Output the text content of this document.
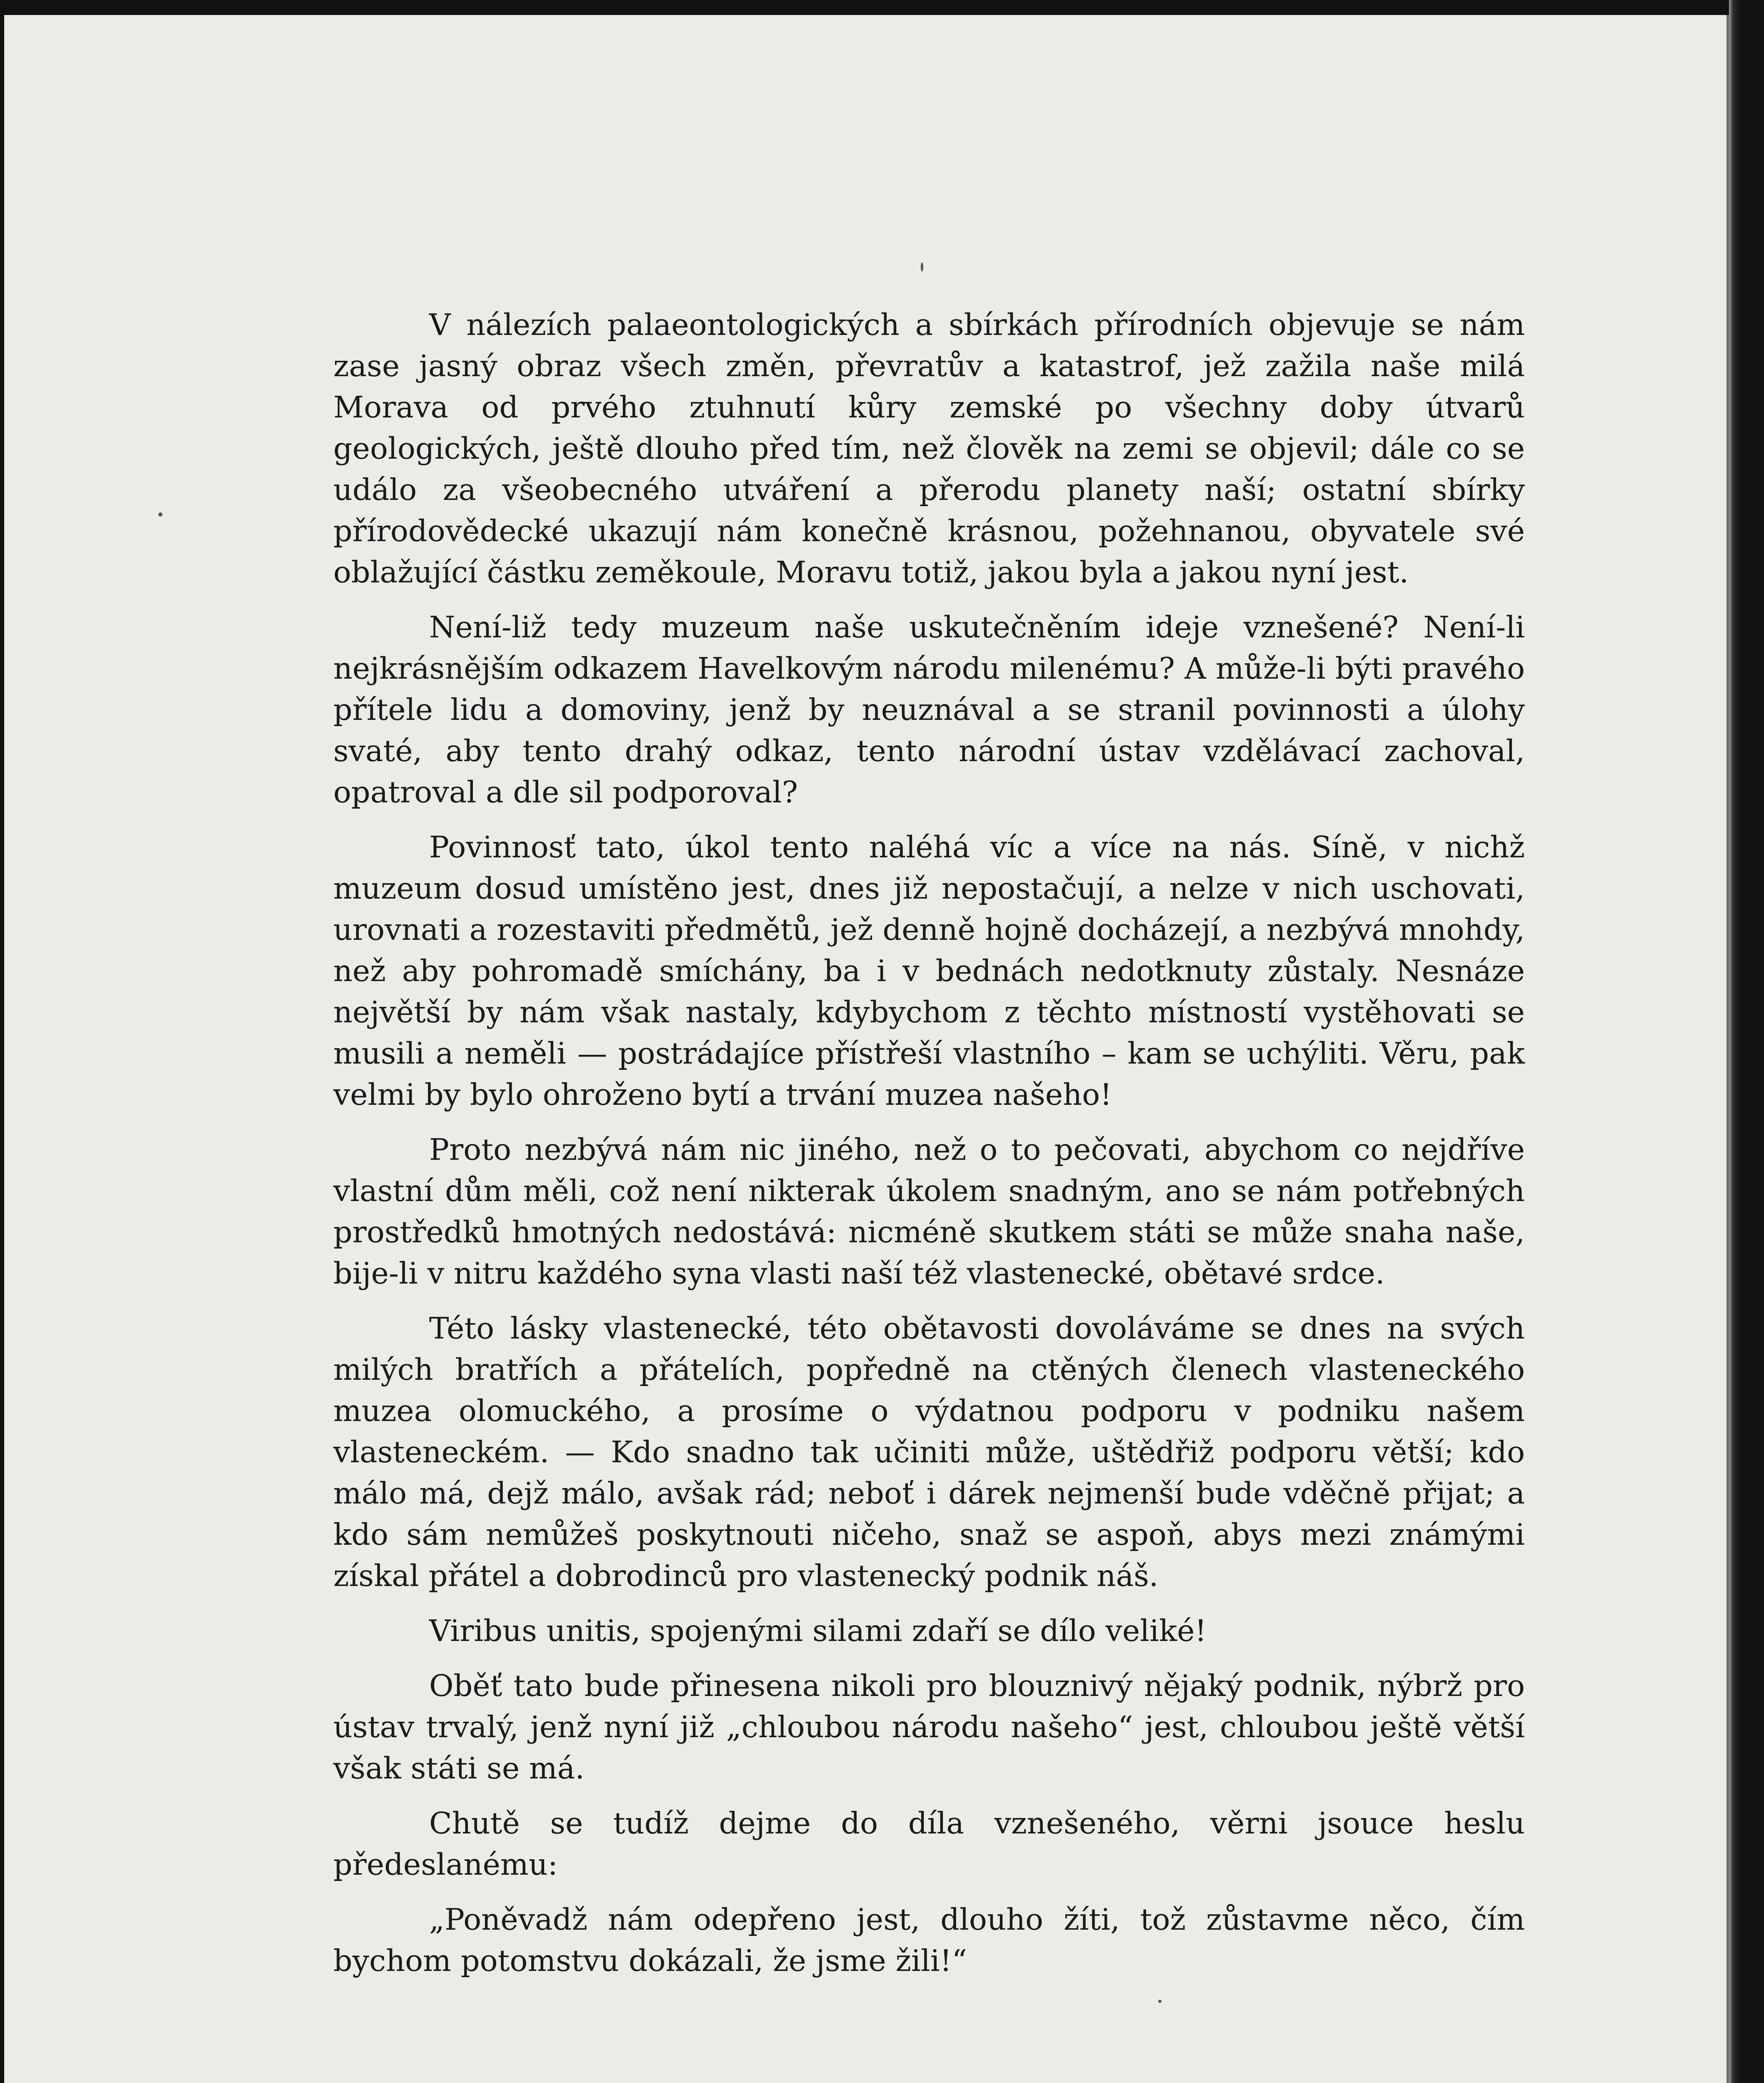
V nálezích palaeontologických a sbírkách přírodních objevuje se nám zase jasný obraz všech změn, převratův a katastrof, jež zažila naše milá Morava od prvého ztuhnutí kůry zemské po všechny doby útvarů geologických, ještě dlouho před tím, než člověk na zemi se objevil; dále co se událo za všeobecného utváření a přerodu planety naší; ostatní sbírky přírodovědecké ukazují nám konečně krásnou, požehnanou, obyvatele své oblažující částku zeměkoule, Moravu totiž, jakou byla a jakou nyní jest.

Není-liž tedy muzeum naše uskutečněním ideje vznešené? Není-li nejkrásnějším odkazem Havelkovým národu milenému? A může-li býti pravého přítele lidu a domoviny, jenž by neuznával a se stranil povinnosti a úlohy svaté, aby tento drahý odkaz, tento národní ústav vzdělávací zachoval, opatroval a dle sil podporoval?

Povinnosť tato, úkol tento naléhá víc a více na nás. Síně, v nichž muzeum dosud umístěno jest, dnes již nepostačují, a nelze v nich uschovati, urovnati a rozestaviti předmětů, jež denně hojně docházejí, a nezbývá mnohdy, než aby pohromadě smíchány, ba i v bednách nedotknuty zůstaly. Nesnáze největší by nám však nastaly, kdybychom z těchto místností vystěhovati se musili a neměli — postrádajíce přístřeší vlastního – kam se uchýliti. Věru, pak velmi by bylo ohroženo bytí a trvání muzea našeho!

Proto nezbývá nám nic jiného, než o to pečovati, abychom co nejdříve vlastní dům měli, což není nikterak úkolem snadným, ano se nám potřebných prostředků hmotných nedostává: nicméně skutkem státi se může snaha naše, bije-li v nitru každého syna vlasti naší též vlastenecké, obětavé srdce.

Této lásky vlastenecké, této obětavosti dovoláváme se dnes na svých milých bratřích a přátelích, popředně na ctěných členech vlasteneckého muzea olomuckého, a prosíme o výdatnou podporu v podniku našem vlasteneckém. — Kdo snadno tak učiniti může, uštědřiž podporu větší; kdo málo má, dejž málo, avšak rád; neboť i dárek nejmenší bude vděčně přijat; a kdo sám nemůžeš poskytnouti ničeho, snaž se aspoň, abys mezi známými získal přátel a dobrodinců pro vlastenecký podnik náš.

Viribus unitis, spojenými silami zdaří se dílo veliké!

Oběť tato bude přinesena nikoli pro blouznivý nějaký podnik, nýbrž pro ústav trvalý, jenž nyní již „chloubou národu našeho“ jest, chloubou ještě větší však státi se má.

Chutě se tudíž dejme do díla vznešeného, věrni jsouce heslu předeslanému:

„Poněvadž nám odepřeno jest, dlouho žíti, tož zůstavme něco, čím bychom potomstvu dokázali, že jsme žili!“
